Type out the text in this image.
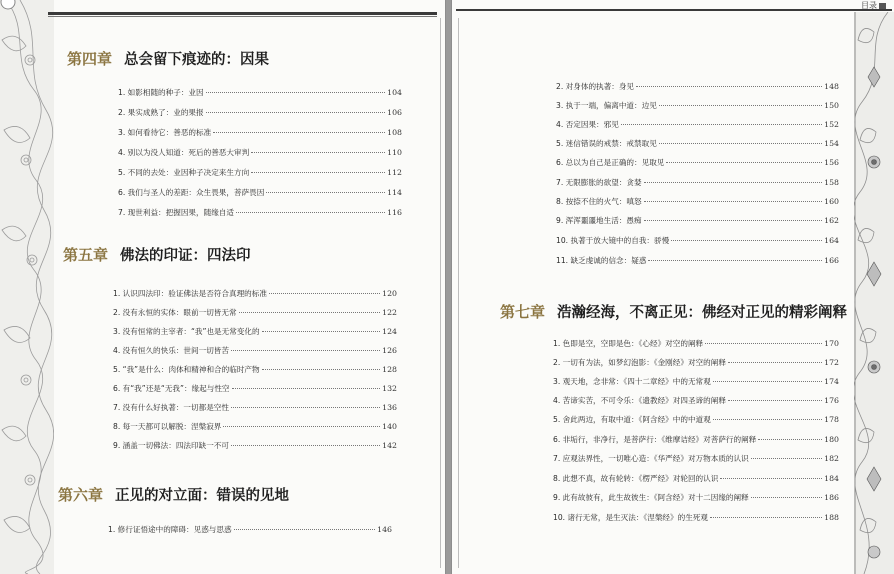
第四章 总会留下痕迹的：因果
1. 如影相随的种子：业因	104
2. 果实成熟了：业的果报	106
3. 如何看待它：善恶的标准	108
4. 别以为没人知道：死后的善恶大审判	110
5. 不同的去处：业因种子决定来生方向	112
6. 我们与圣人的差距：众生畏果，菩萨畏因	114
7. 现世利益：把握因果，随缘自适	116
第五章 佛法的印证：四法印
1. 认识四法印：验证佛法是否符合真理的标准	120
2. 没有永恒的实体：眼前一切皆无常	122
3. 没有恒常的主宰者：“我”也是无常变化的	124
4. 没有恒久的快乐：世间一切皆苦	126
5. “我”是什么：肉体和精神和合的临时产物	128
6. 有“我”还是“无我”：缘起与性空	132
7. 没有什么好执著：一切都是空性	136
8. 每一天都可以解脱：涅槃寂界	140
9. 涵盖一切佛法：四法印缺一不可	142
第六章 正见的对立面：错误的见地
1. 修行证悟途中的障碍：见惑与思惑	146
目录
2. 对身体的执著：身见	148
3. 执于一端，偏离中道：边见	150
4. 否定因果：邪见	152
5. 迷信错误的戒禁：戒禁取见	154
6. 总以为自己是正确的：见取见	156
7. 无限膨胀的欲望：贪婪	158
8. 按捺不住的火气：嗔怒	160
9. 浑浑噩噩地生活：愚痴	162
10. 执著于放大镜中的自我：骄慢	164
11. 缺乏虔诚的信念：疑惑	166
第七章 浩瀚经海，不离正见：佛经对正见的精彩阐释
1. 色即是空，空即是色：《心经》对空的阐释	170
2. 一切有为法，如梦幻泡影：《金刚经》对空的阐释	172
3. 观天地，念非常：《四十二章经》中的无常观	174
4. 苦谛实苦，不可令乐：《遗教经》对四圣谛的阐释	176
5. 舍此两边，有取中道：《阿含经》中的中道观	178
6. 非垢行，非净行，是菩萨行：《维摩诘经》对菩萨行的阐释	180
7. 应观法界性，一切唯心造：《华严经》对万物本质的认识	182
8. 此想不真，故有轮转：《楞严经》对轮回的认识	184
9. 此有故彼有，此生故彼生：《阿含经》对十二因缘的阐释	186
10. 诸行无常，是生灭法：《涅槃经》的生死观	188
